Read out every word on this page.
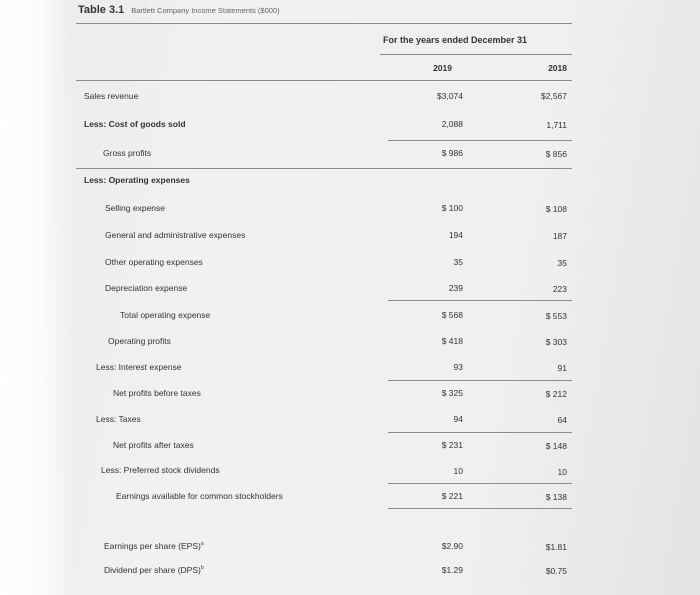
Table 3.1 Bartlett Company Income Statements ($000)
For the years ended December 31
2019	2018
Sales revenue
Less: Cost of goods sold
Gross profits
Less: Operating expenses
Selling expense
General and administrative expenses
Other operating expenses
Depreciation expense
Total operating expense
Operating profits
Less: Interest expense
Net profits before taxes
Less: Taxes
Net profits after taxes
Less: Preferred stock dividends
Earnings available for common stockholders
Earnings per share (EPS)$^a$
Dividend per share (DPS)$^b$
$3,074
2,088
$ 986
$ 100
194
35
239
$ 568
$ 418
93
$ 325
94
$ 231
10
$ 221
$2.90
$1.29
$2,567
1,711
$ 856
$ 108
187
35
223
$ 553
$ 303
91
$ 212
64
$ 148
10
$ 138
$1.81
$0.75
